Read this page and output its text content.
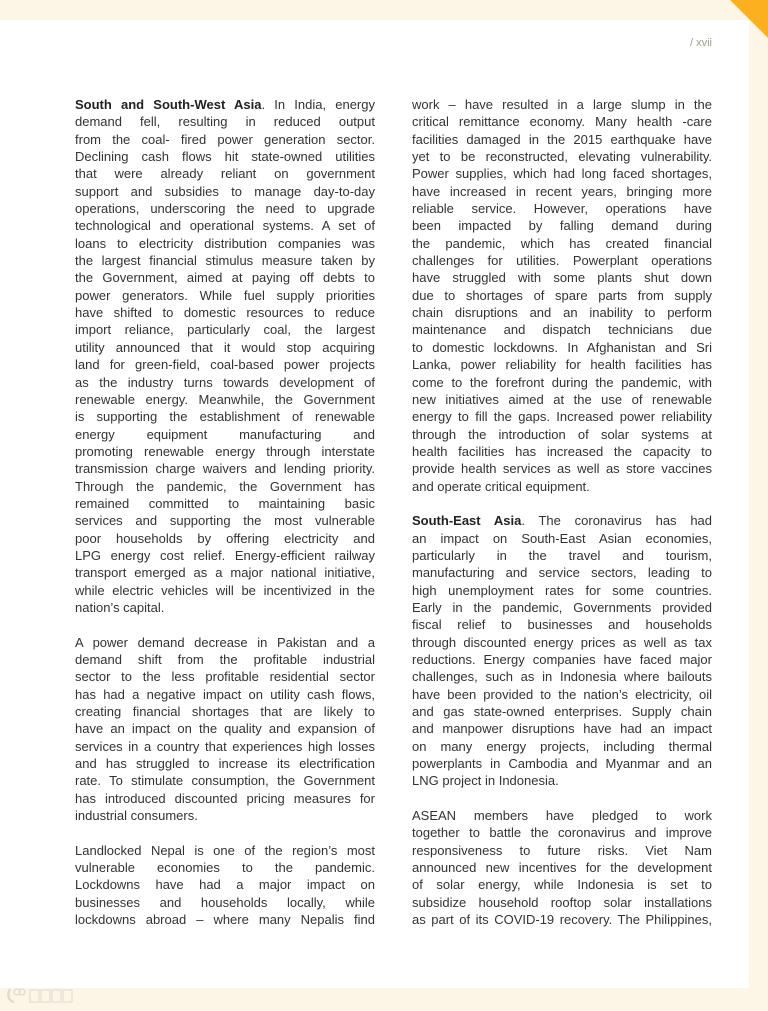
/ xvii
South and South-West Asia. In India, energy
demand fell, resulting in reduced output
from the coal- fired power generation sector.
Declining cash flows hit state-owned utilities
that were already reliant on government
support and subsidies to manage day-to-day
operations, underscoring the need to upgrade
technological and operational systems. A set of
loans to electricity distribution companies was
the largest financial stimulus measure taken by
the Government, aimed at paying off debts to
power generators. While fuel supply priorities
have shifted to domestic resources to reduce
import reliance, particularly coal, the largest
utility announced that it would stop acquiring
land for green-field, coal-based power projects
as the industry turns towards development of
renewable energy. Meanwhile, the Government
is supporting the establishment of renewable
energy equipment manufacturing and
promoting renewable energy through interstate
transmission charge waivers and lending priority.
Through the pandemic, the Government has
remained committed to maintaining basic
services and supporting the most vulnerable
poor households by offering electricity and
LPG energy cost relief. Energy-efficient railway
transport emerged as a major national initiative,
while electric vehicles will be incentivized in the
nation’s capital.
A power demand decrease in Pakistan and a
demand shift from the profitable industrial
sector to the less profitable residential sector
has had a negative impact on utility cash flows,
creating financial shortages that are likely to
have an impact on the quality and expansion of
services in a country that experiences high losses
and has struggled to increase its electrification
rate. To stimulate consumption, the Government
has introduced discounted pricing measures for
industrial consumers.
Landlocked Nepal is one of the region’s most
vulnerable economies to the pandemic.
Lockdowns have had a major impact on
businesses and households locally, while
lockdowns abroad – where many Nepalis find
work – have resulted in a large slump in the
critical remittance economy. Many health -care
facilities damaged in the 2015 earthquake have
yet to be reconstructed, elevating vulnerability.
Power supplies, which had long faced shortages,
have increased in recent years, bringing more
reliable service. However, operations have
been impacted by falling demand during
the pandemic, which has created financial
challenges for utilities. Powerplant operations
have struggled with some plants shut down
due to shortages of spare parts from supply
chain disruptions and an inability to perform
maintenance and dispatch technicians due
to domestic lockdowns. In Afghanistan and Sri
Lanka, power reliability for health facilities has
come to the forefront during the pandemic, with
new initiatives aimed at the use of renewable
energy to fill the gaps. Increased power reliability
through the introduction of solar systems at
health facilities has increased the capacity to
provide health services as well as store vaccines
and operate critical equipment.
South-East Asia. The coronavirus has had
an impact on South-East Asian economies,
particularly in the travel and tourism,
manufacturing and service sectors, leading to
high unemployment rates for some countries.
Early in the pandemic, Governments provided
fiscal relief to businesses and households
through discounted energy prices as well as tax
reductions. Energy companies have faced major
challenges, such as in Indonesia where bailouts
have been provided to the nation’s electricity, oil
and gas state-owned enterprises. Supply chain
and manpower disruptions have had an impact
on many energy projects, including thermal
powerplants in Cambodia and Myanmar and an
LNG project in Indonesia.
ASEAN members have pledged to work
together to battle the coronavirus and improve
responsiveness to future risks. Viet Nam
announced new incentives for the development
of solar energy, while Indonesia is set to
subsidize household rooftop solar installations
as part of its COVID-19 recovery. The Philippines,
